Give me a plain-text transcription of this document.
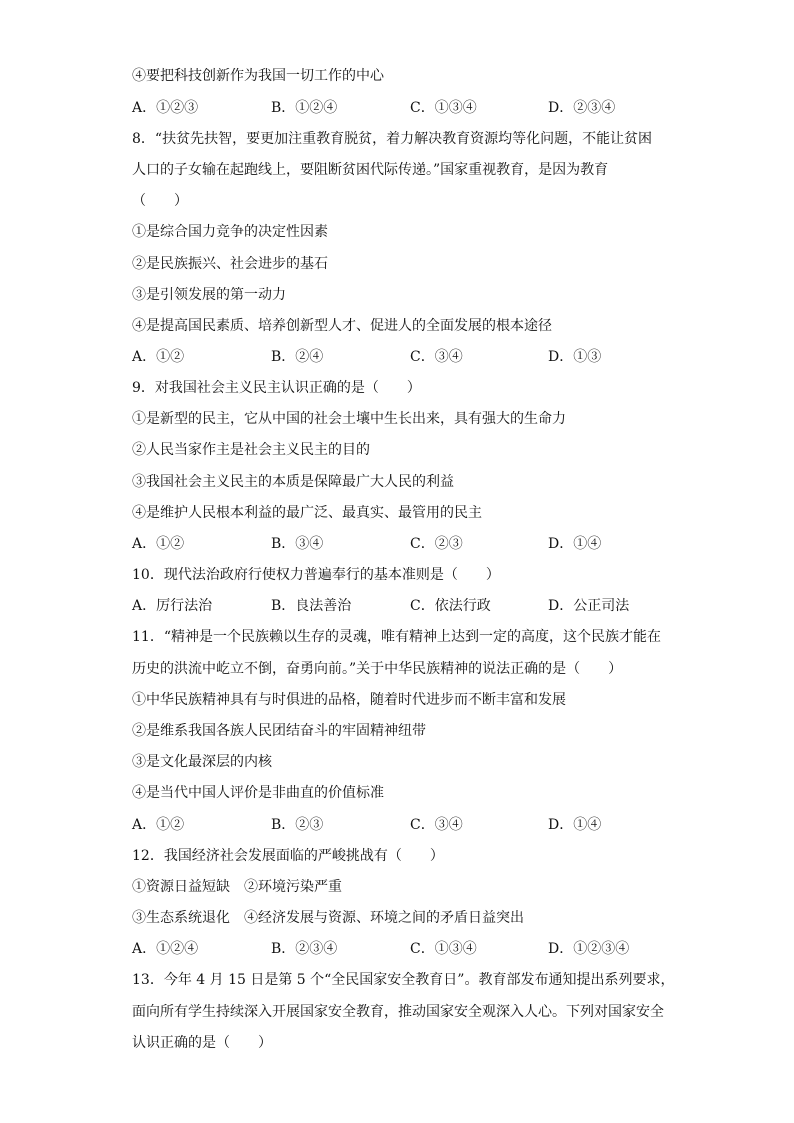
④要把科技创新作为我国一切工作的中心
A．①②③	B．①②④	C．①③④	D．②③④
8．“扶贫先扶智，要更加注重教育脱贫，着力解决教育资源均等化问题，不能让贫困
人口的子女输在起跑线上，要阻断贫困代际传递。”国家重视教育，是因为教育
（　　）
①是综合国力竞争的决定性因素
②是民族振兴、社会进步的基石
③是引领发展的第一动力
④是提高国民素质、培养创新型人才、促进人的全面发展的根本途径
A．①②	B．②④	C．③④	D．①③
9．对我国社会主义民主认识正确的是（　　）
①是新型的民主，它从中国的社会土壤中生长出来，具有强大的生命力
②人民当家作主是社会主义民主的目的
③我国社会主义民主的本质是保障最广大人民的利益
④是维护人民根本利益的最广泛、最真实、最管用的民主
A．①②	B．③④	C．②③	D．①④
10．现代法治政府行使权力普遍奉行的基本准则是（　　）
A．厉行法治	B．良法善治	C．依法行政	D．公正司法
11．“精神是一个民族赖以生存的灵魂，唯有精神上达到一定的高度，这个民族才能在
历史的洪流中屹立不倒，奋勇向前。”关于中华民族精神的说法正确的是（　　）
①中华民族精神具有与时俱进的品格，随着时代进步而不断丰富和发展
②是维系我国各族人民团结奋斗的牢固精神纽带
③是文化最深层的内核
④是当代中国人评价是非曲直的价值标准
A．①②	B．②③	C．③④	D．①④
12．我国经济社会发展面临的严峻挑战有（　　）
①资源日益短缺　②环境污染严重
③生态系统退化　④经济发展与资源、环境之间的矛盾日益突出
A．①②④	B．②③④	C．①③④	D．①②③④
13．今年 4 月 15 日是第 5 个“全民国家安全教育日”。教育部发布通知提出系列要求，
面向所有学生持续深入开展国家安全教育，推动国家安全观深入人心。下列对国家安全
认识正确的是（　　）
